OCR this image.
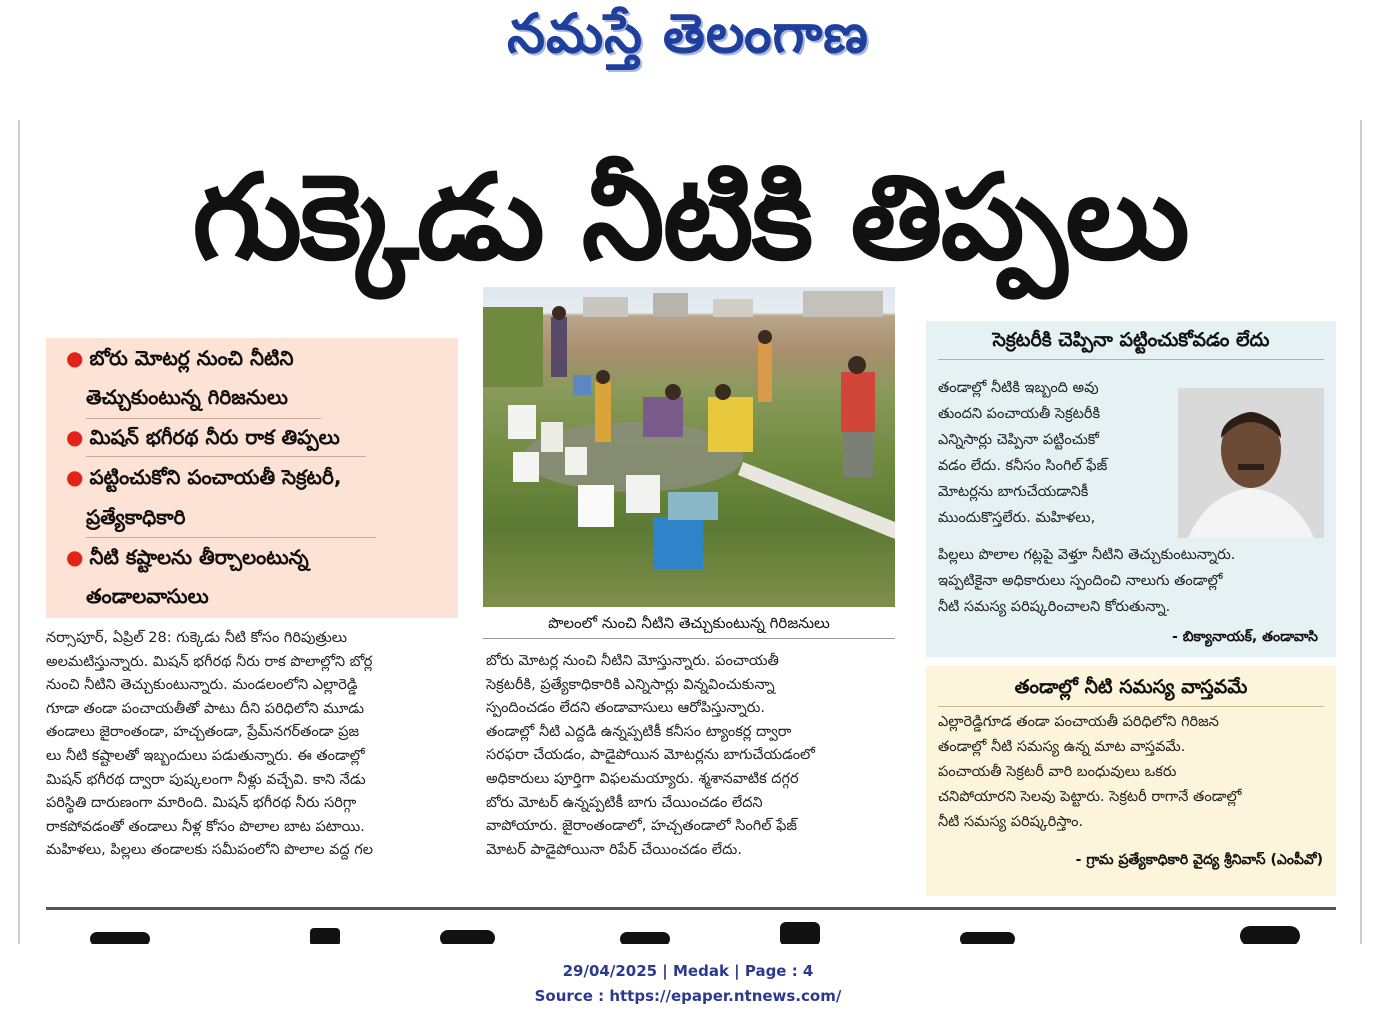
నమస్తే తెలంగాణ
గుక్కెడు నీటికి తిప్పలు
● బోరు మోటర్ల నుంచి నీటిని
తెచ్చుకుంటున్న గిరిజనులు
● మిషన్ భగీరథ నీరు రాక తిప్పలు
● పట్టించుకోని పంచాయతీ సెక్రటరీ,
ప్రత్యేకాధికారి
● నీటి కష్టాలను తీర్చాలంటున్న
తండాలవాసులు
పొలంలో నుంచి నీటిని తెచ్చుకుంటున్న గిరిజనులు
నర్సాపూర్, ఏప్రిల్ 28: గుక్కెడు నీటి కోసం గిరిపుత్రులు
అలమటిస్తున్నారు. మిషన్ భగీరథ నీరు రాక పొలాల్లోని బోర్ల
నుంచి నీటిని తెచ్చుకుంటున్నారు. మండలంలోని ఎల్లారెడ్డి
గూడా తండా పంచాయతీతో పాటు దీని పరిధిలోని మూడు
తండాలు జైరాంతండా, హచ్చతండా, ప్రేమ్‌నగర్‌తండా ప్రజ
లు నీటి కష్టాలతో ఇబ్బందులు పడుతున్నారు. ఈ తండాల్లో
మిషన్ భగీరథ ద్వారా పుష్కలంగా నీళ్లు వచ్చేవి. కాని నేడు
పరిస్థితి దారుణంగా మారింది. మిషన్ భగీరథ నీరు సరిగ్గా
రాకపోవడంతో తండాలు నీళ్ల కోసం పొలాల బాట పటాయి.
మహిళలు, పిల్లలు తండాలకు సమీపంలోని పొలాల వద్ద గల
బోరు మోటర్ల నుంచి నీటిని మోస్తున్నారు. పంచాయతీ
సెక్రటరీకి, ప్రత్యేకాధికారికి ఎన్నిసార్లు విన్నవించుకున్నా
స్పందించడం లేదని తండావాసులు ఆరోపిస్తున్నారు.
తండాల్లో నీటి ఎద్దడి ఉన్నప్పటికీ కనీసం ట్యాంకర్ల ద్వారా
సరఫరా చేయడం, పాడైపోయిన మోటర్లను బాగుచేయడంలో
అధికారులు పూర్తిగా విఫలమయ్యారు. శ్మశానవాటిక దగ్గర
బోరు మోటర్ ఉన్నప్పటికీ బాగు చేయించడం లేదని
వాపోయారు. జైరాంతండాలో, హచ్చతండాలో సింగిల్ ఫేజ్
మోటర్ పాడైపోయినా రిపేర్ చేయించడం లేదు.
సెక్రటరీకి చెప్పినా పట్టించుకోవడం లేదు
తండాల్లో నీటికి ఇబ్బంది అవు
తుందని పంచాయతీ సెక్రటరీకి
ఎన్నిసార్లు చెప్పినా పట్టించుకో
వడం లేదు. కనీసం సింగిల్ ఫేజ్
మోటర్లను బాగుచేయడానికీ
ముందుకొస్తలేరు. మహిళలు,
పిల్లలు పొలాల గట్లపై వెళ్తూ నీటిని తెచ్చుకుంటున్నారు.
ఇప్పటికైనా అధికారులు స్పందించి నాలుగు తండాల్లో
నీటి సమస్య పరిష్కరించాలని కోరుతున్నా.
- బిక్యానాయక్, తండావాసి
తండాల్లో నీటి సమస్య వాస్తవమే
ఎల్లారెడ్డిగూడ తండా పంచాయతీ పరిధిలోని గిరిజన
తండాల్లో నీటి సమస్య ఉన్న మాట వాస్తవమే.
పంచాయతీ సెక్రటరీ వారి బంధువులు ఒకరు
చనిపోయారని సెలవు పెట్టారు. సెక్రటరీ రాగానే తండాల్లో
నీటి సమస్య పరిష్కరిస్తాం.
- గ్రామ ప్రత్యేకాధికారి వైద్య శ్రీనివాస్ (ఎంపీవో)
29/04/2025 | Medak | Page : 4
Source : https://epaper.ntnews.com/
